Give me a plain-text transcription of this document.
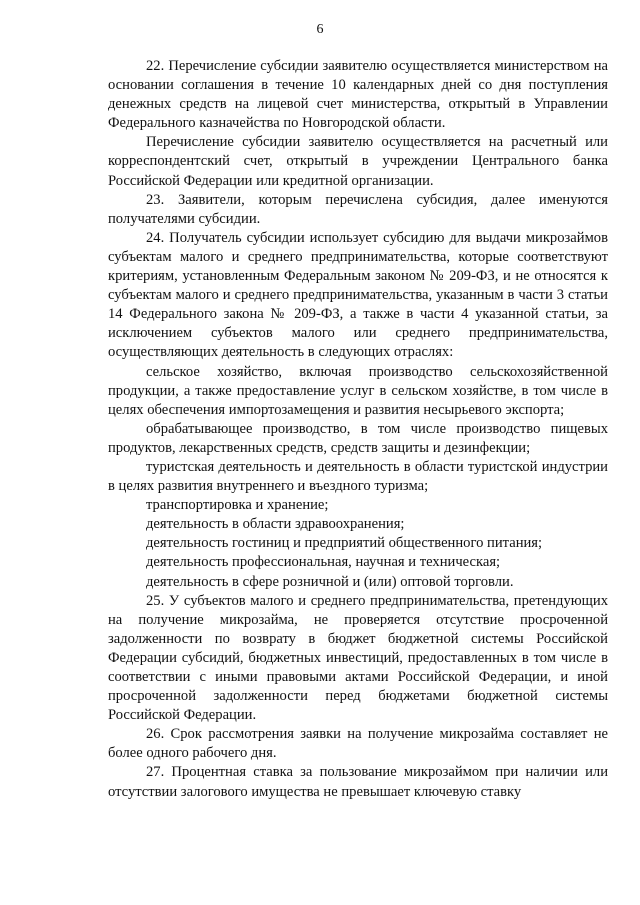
6

22. Перечисление субсидии заявителю осуществляется министерством на основании соглашения в течение 10 календарных дней со дня поступления денежных средств на лицевой счет министерства, открытый в Управлении Федерального казначейства по Новгородской области.

Перечисление субсидии заявителю осуществляется на расчетный или корреспондентский счет, открытый в учреждении Центрального банка Российской Федерации или кредитной организации.

23. Заявители, которым перечислена субсидия, далее именуются получателями субсидии.

24. Получатель субсидии использует субсидию для выдачи микрозаймов субъектам малого и среднего предпринимательства, которые соответствуют критериям, установленным Федеральным законом № 209-ФЗ, и не относятся к субъектам малого и среднего предпринимательства, указанным в части 3 статьи 14 Федерального закона № 209-ФЗ, а также в части 4 указанной статьи, за исключением субъектов малого или среднего предпринимательства, осуществляющих деятельность в следующих отраслях:

сельское хозяйство, включая производство сельскохозяйственной продукции, а также предоставление услуг в сельском хозяйстве, в том числе в целях обеспечения импортозамещения и развития несырьевого экспорта;

обрабатывающее производство, в том числе производство пищевых продуктов, лекарственных средств, средств защиты и дезинфекции;

туристская деятельность и деятельность в области туристской индустрии в целях развития внутреннего и въездного туризма;

транспортировка и хранение;

деятельность в области здравоохранения;

деятельность гостиниц и предприятий общественного питания;

деятельность профессиональная, научная и техническая;

деятельность в сфере розничной и (или) оптовой торговли.

25. У субъектов малого и среднего предпринимательства, претендующих на получение микрозайма, не проверяется отсутствие просроченной задолженности по возврату в бюджет бюджетной системы Российской Федерации субсидий, бюджетных инвестиций, предоставленных в том числе в соответствии с иными правовыми актами Российской Федерации, и иной просроченной задолженности перед бюджетами бюджетной системы Российской Федерации.

26. Срок рассмотрения заявки на получение микрозайма составляет не более одного рабочего дня.

27. Процентная ставка за пользование микрозаймом при наличии или отсутствии залогового имущества не превышает ключевую ставку
